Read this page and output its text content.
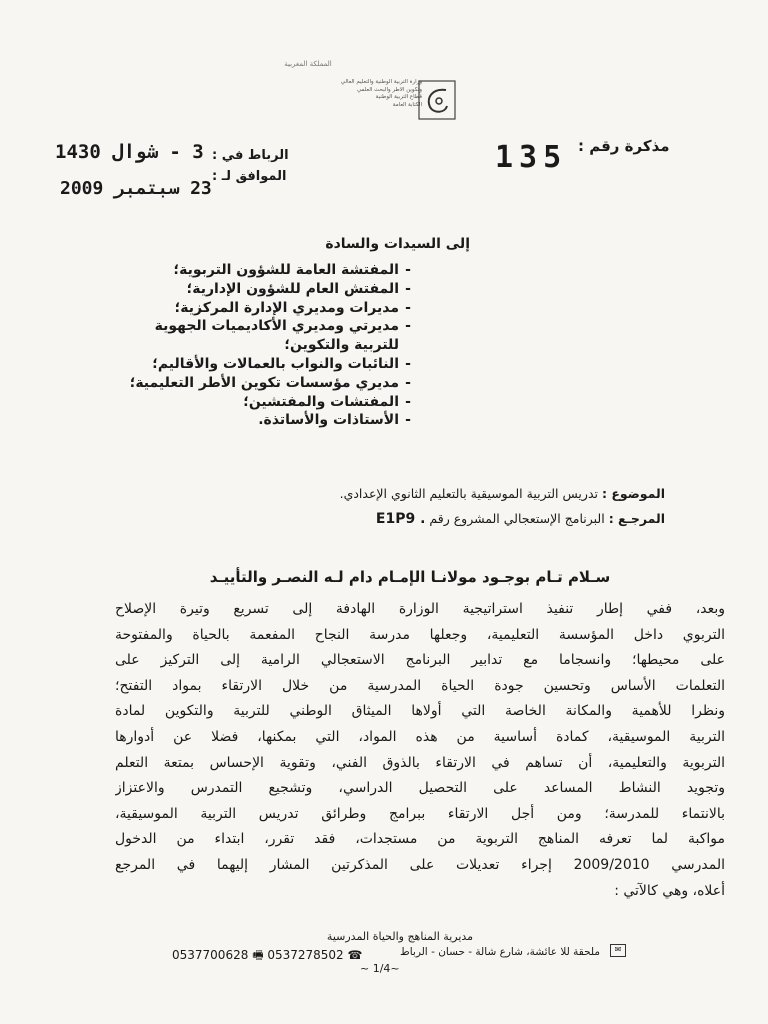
المملكة المغربية
وزارة التربية الوطنية والتعليم العالي
وتكوين الأطر والبحث العلمي
قطاع التربية الوطنية
الكتابة العامة
مذكرة رقم :
135
الرباط في :
الموافق لـ :
3 - شوال 1430
23 سبتمبر 2009
إلى السيدات والسادة
-
المفتشة العامة للشؤون التربوية؛
-
المفتش العام للشؤون الإدارية؛
-
مديرات ومديري الإدارة المركزية؛
-
مديرتي ومديري الأكاديميات الجهوية للتربية والتكوين؛
-
النائبات والنواب بالعمالات والأقاليم؛
-
مديري مؤسسات تكوين الأطر التعليمية؛
-
المفتشات والمفتشين؛
-
الأستاذات والأساتذة.
الموضوع : تدريس التربية الموسيقية بالتعليم الثانوي الإعدادي.
المرجـع : البرنامج الإستعجالي المشروع رقم E1P9 .
سـلام تـام بوجـود مولانـا الإمـام دام لـه النصـر والتأييـد
وبعد، ففي إطار تنفيذ استراتيجية الوزارة الهادفة إلى تسريع وتيرة الإصلاح
التربوي داخل المؤسسة التعليمية، وجعلها مدرسة النجاح المفعمة بالحياة والمفتوحة
على محيطها؛ وانسجاما مع تدابير البرنامج الاستعجالي الرامية إلى التركيز على
التعلمات الأساس وتحسين جودة الحياة المدرسية من خلال الارتقاء بمواد التفتح؛
ونظرا للأهمية والمكانة الخاصة التي أولاها الميثاق الوطني للتربية والتكوين لمادة
التربية الموسيقية، كمادة أساسية من هذه المواد، التي بمكنها، فضلا عن أدوارها
التربوية والتعليمية، أن تساهم في الارتقاء بالذوق الفني، وتقوية الإحساس بمتعة التعلم
وتجويد النشاط المساعد على التحصيل الدراسي، وتشجيع التمدرس والاعتزاز
بالانتماء للمدرسة؛ ومن أجل الارتقاء ببرامج وطرائق تدريس التربية الموسيقية،
مواكبة لما تعرفه المناهج التربوية من مستجدات، فقد تقرر، ابتداء من الدخول
المدرسي 2009/2010 إجراء تعديلات على المذكرتين المشار إليهما في المرجع
أعلاه، وهي كالآتي :
مديرية المناهج والحياة المدرسية
✉
ملحقة للا عائشة، شارع شالة - حسان - الرباط
0537700628 🖷 0537278502 ☎
~ 1/4~
